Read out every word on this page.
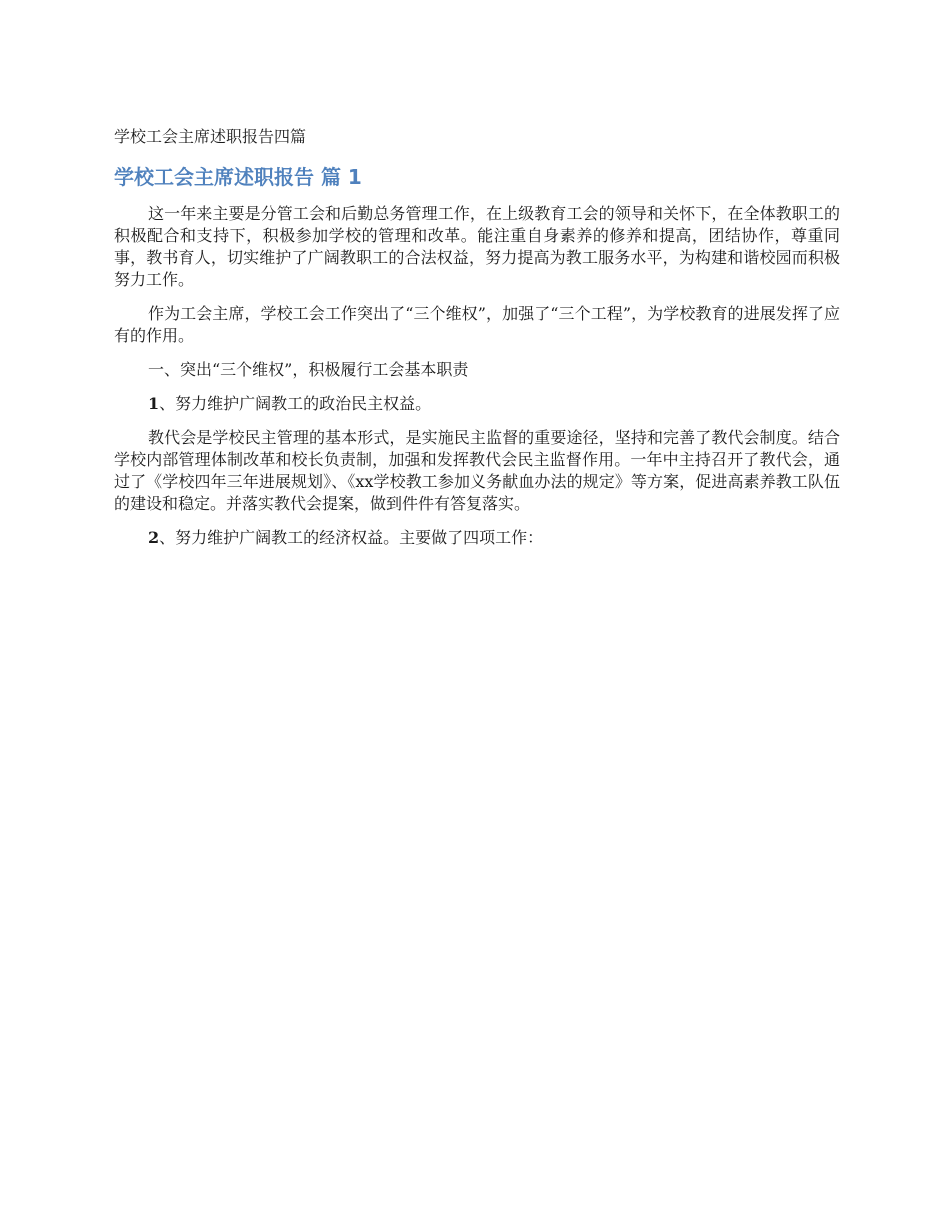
学校工会主席述职报告四篇
学校工会主席述职报告 篇 1

这一年来主要是分管工会和后勤总务管理工作，在上级教育工会的领导和关怀下，在全体教职工的积极配合和支持下，积极参加学校的管理和改革。能注重自身素养的修养和提高，团结协作，尊重同事，教书育人，切实维护了广阔教职工的合法权益，努力提高为教工服务水平，为构建和谐校园而积极努力工作。

作为工会主席，学校工会工作突出了“三个维权”，加强了“三个工程”，为学校教育的进展发挥了应有的作用。

一、突出“三个维权”，积极履行工会基本职责

1、努力维护广阔教工的政治民主权益。

教代会是学校民主管理的基本形式，是实施民主监督的重要途径，坚持和完善了教代会制度。结合学校内部管理体制改革和校长负责制，加强和发挥教代会民主监督作用。一年中主持召开了教代会，通过了《学校四年三年进展规划》、《xx学校教工参加义务献血办法的规定》等方案，促进高素养教工队伍的建设和稳定。并落实教代会提案，做到件件有答复落实。

2、努力维护广阔教工的经济权益。主要做了四项工作：
